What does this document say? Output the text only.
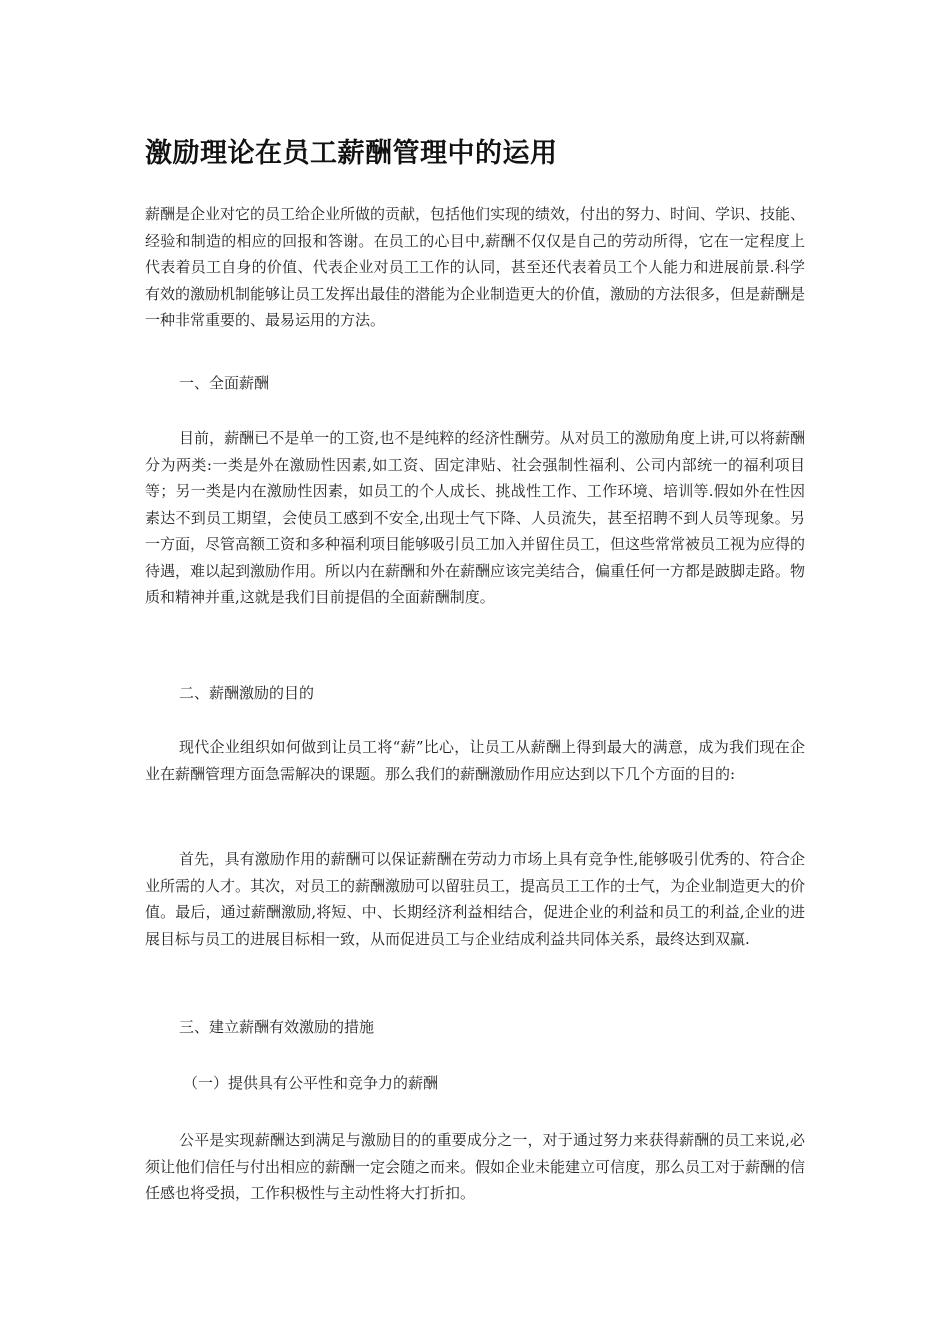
激励理论在员工薪酬管理中的运用

薪酬是企业对它的员工给企业所做的贡献，包括他们实现的绩效，付出的努力、时间、学识、技能、经验和制造的相应的回报和答谢。在员工的心目中,薪酬不仅仅是自己的劳动所得，它在一定程度上代表着员工自身的价值、代表企业对员工工作的认同，甚至还代表着员工个人能力和进展前景.科学有效的激励机制能够让员工发挥出最佳的潜能为企业制造更大的价值，激励的方法很多，但是薪酬是一种非常重要的、最易运用的方法。

一、全面薪酬

目前，薪酬已不是单一的工资,也不是纯粹的经济性酬劳。从对员工的激励角度上讲,可以将薪酬分为两类:一类是外在激励性因素,如工资、固定津贴、社会强制性福利、公司内部统一的福利项目等；另一类是内在激励性因素，如员工的个人成长、挑战性工作、工作环境、培训等.假如外在性因素达不到员工期望，会使员工感到不安全,出现士气下降、人员流失，甚至招聘不到人员等现象。另一方面，尽管高额工资和多种福利项目能够吸引员工加入并留住员工，但这些常常被员工视为应得的待遇，难以起到激励作用。所以内在薪酬和外在薪酬应该完美结合，偏重任何一方都是跛脚走路。物质和精神并重,这就是我们目前提倡的全面薪酬制度。

二、薪酬激励的目的

现代企业组织如何做到让员工将“薪”比心，让员工从薪酬上得到最大的满意，成为我们现在企业在薪酬管理方面急需解决的课题。那么我们的薪酬激励作用应达到以下几个方面的目的:

首先，具有激励作用的薪酬可以保证薪酬在劳动力市场上具有竞争性,能够吸引优秀的、符合企业所需的人才。其次，对员工的薪酬激励可以留驻员工，提高员工工作的士气，为企业制造更大的价值。最后，通过薪酬激励,将短、中、长期经济利益相结合，促进企业的利益和员工的利益,企业的进展目标与员工的进展目标相一致，从而促进员工与企业结成利益共同体关系，最终达到双赢.

三、建立薪酬有效激励的措施

（一）提供具有公平性和竞争力的薪酬

公平是实现薪酬达到满足与激励目的的重要成分之一，对于通过努力来获得薪酬的员工来说,必须让他们信任与付出相应的薪酬一定会随之而来。假如企业未能建立可信度，那么员工对于薪酬的信任感也将受损，工作积极性与主动性将大打折扣。
